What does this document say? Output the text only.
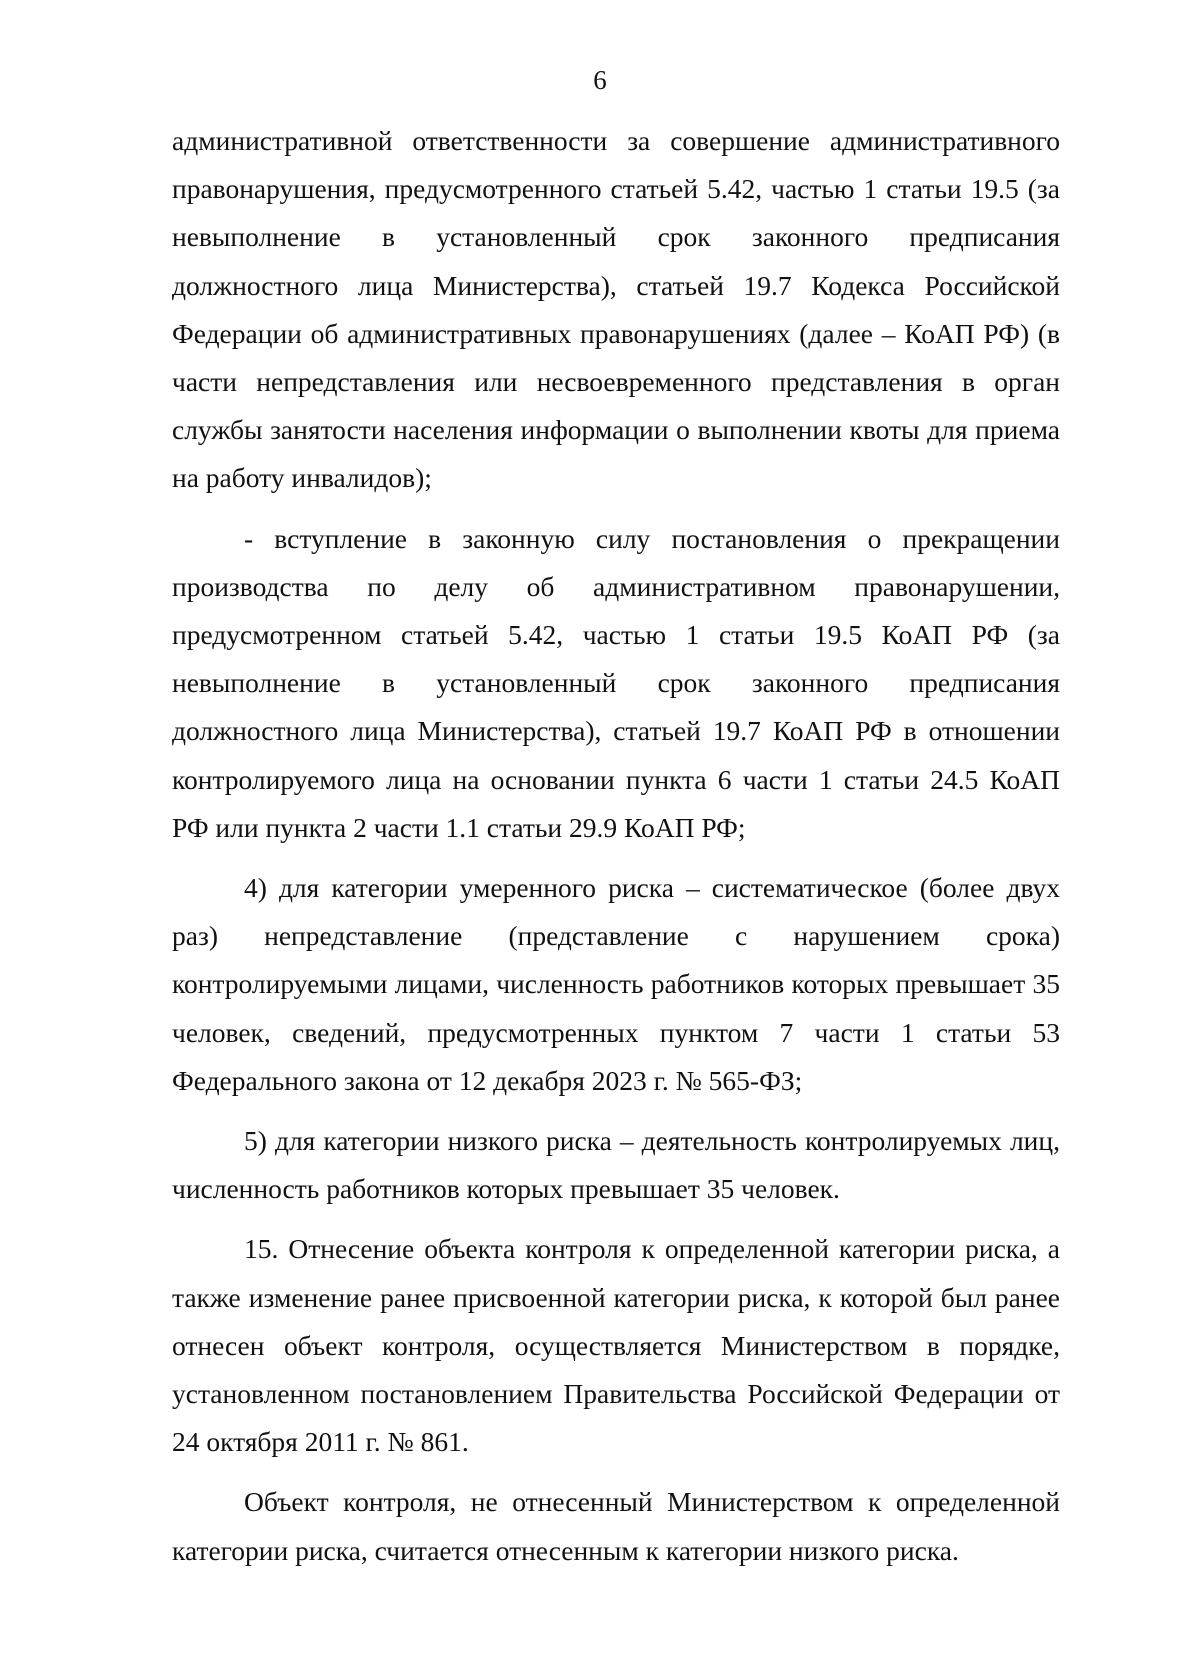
6

административной ответственности за совершение административного правонарушения, предусмотренного статьей 5.42, частью 1 статьи 19.5 (за невыполнение в установленный срок законного предписания должностного лица Министерства), статьей 19.7 Кодекса Российской Федерации об административных правонарушениях (далее – КоАП РФ) (в части непредставления или несвоевременного представления в орган службы занятости населения информации о выполнении квоты для приема на работу инвалидов);

- вступление в законную силу постановления о прекращении производства по делу об административном правонарушении, предусмотренном статьей 5.42, частью 1 статьи 19.5 КоАП РФ (за невыполнение в установленный срок законного предписания должностного лица Министерства), статьей 19.7 КоАП РФ в отношении контролируемого лица на основании пункта 6 части 1 статьи 24.5 КоАП РФ или пункта 2 части 1.1 статьи 29.9 КоАП РФ;

4) для категории умеренного риска – систематическое (более двух раз) непредставление (представление с нарушением срока) контролируемыми лицами, численность работников которых превышает 35 человек, сведений, предусмотренных пунктом 7 части 1 статьи 53 Федерального закона от 12 декабря 2023 г. № 565-ФЗ;

5) для категории низкого риска – деятельность контролируемых лиц, численность работников которых превышает 35 человек.

15. Отнесение объекта контроля к определенной категории риска, а также изменение ранее присвоенной категории риска, к которой был ранее отнесен объект контроля, осуществляется Министерством в порядке, установленном постановлением Правительства Российской Федерации от 24 октября 2011 г. № 861.

Объект контроля, не отнесенный Министерством к определенной категории риска, считается отнесенным к категории низкого риска.
